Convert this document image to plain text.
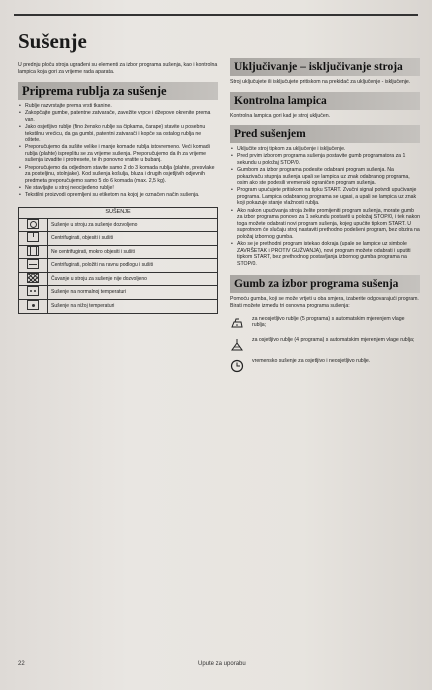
Sušenje

U prednju ploču stroja ugrađeni su elementi za izbor programa sušenja, kao i kontrolna lampica koja gori za vrijeme rada aparata.

Priprema rublja za sušenje
• Rublje razvrstajte prema vrsti tkanine.
• Zakopčajte gumbe, patentne zatvarače, zavežite vrpce i džepove okrenite prema van.
• Jako osjetljivo rublje (fino žensko rublje sa čipkama, čarape) stavite u posebnu tekstilnu vrećicu, da ga gumbi, patentni zatvarači i kopče sa ostalog rublja ne oštete.
• Preporučujemo da sušite velike i manje komade rublja istovremeno. Veći komadi rublja (plahte) ispreplitu se za vrijeme sušenja. Preporučujemo da ih za vrijeme sušenja izvadite i protresete, te ih ponovno vratite u bubanj.
• Preporučujemo da odjednom stavite samo 2 do 3 komada rublja (plahte, presvlake za posteljinu, stolnjake). Kod sušenja košulja, bluza i drugih osjetljivih odjevnih predmeta preporučujemo samo 5 do 6 komada (max. 2,5 kg).
• Ne stavljajte u stroj neocijeđeno rublje!
• Tekstilni proizvodi opremljeni su etiketom na kojoj je označen način sušenja.
SUŠENJE	
	Sušenje u stroju za sušenje dozvoljeno
	Centrifugirati, objesiti i sušiti
	Ne centrifugirati, mokro objesiti i sušiti
	Centrifugirati, položiti na ravnu podlogu i sušiti
	Čuvanje u stroju za sušenje nije dozvoljeno
	Sušenje na normalnoj temperaturi
	Sušenje na nižoj temperaturi
Uključivanje – isključivanje stroja

Stroj uključujete ili isključujete pritiskom na prekidač za uključenje - isključenje.

Kontrolna lampica

Kontrolna lampica gori kad je stroj uključen.

Pred sušenjem
• Uključite stroj tipkom za uključenje i isključenje.
• Pred prvim izborom programa sušenja postavite gumb programatora za 1 sekundu u položaj STOP/0.
• Gumbom za izbor programa podesite odabrani program sušenja. Na pokazivaču stupnja sušenja upali se lampica uz znak odabranog programa, osim ako ste podesili vremenski ograničen program sušenja.
• Program upućujete pritiskom na tipku START. Zvučni signal potvrdi upućivanje programa. Lampica odabranog programa se ugasi, a upali se lampica uz znak koji pokazuje stanje vlažnosti rublja.
• Ako nakon upućivanja stroja želite promijeniti program sušenja, morate gumb za izbor programa ponovo za 1 sekundu postaviti u položaj STOP/0, i tek nakon toga možete odabrati novi program sušenja, kojeg upućite tipkom START. U suprotnom će slučaju stroj nastaviti prethodno podešeni program, bez obzira na položaj izbornog gumba.
• Ako se je prethodni program istekao dokraja (upale se lampice uz simbole ZAVRŠETAK i PROTIV GUŽVANJA), novi program možete odabrati i uputiti tipkom START, bez prethodnog postavljanja izbornog gumba programa na STOP/0.
Gumb za izbor programa sušenja

Pomoću gumba, koji se može vrtjeti u oba smjera, izaberite odgovarajući program. Birati možete između tri osnovna programa sušenja:

za neosjetljivo rublje (5 programa) s automatskim mjerenjem vlage rublja;
za osjetljivo rublje (4 programa) s automatskim mjerenjem vlage rublja;
vremensko sušenje za osjetljivo i neosjetljivo rublje.
22	Upute za uporabu
